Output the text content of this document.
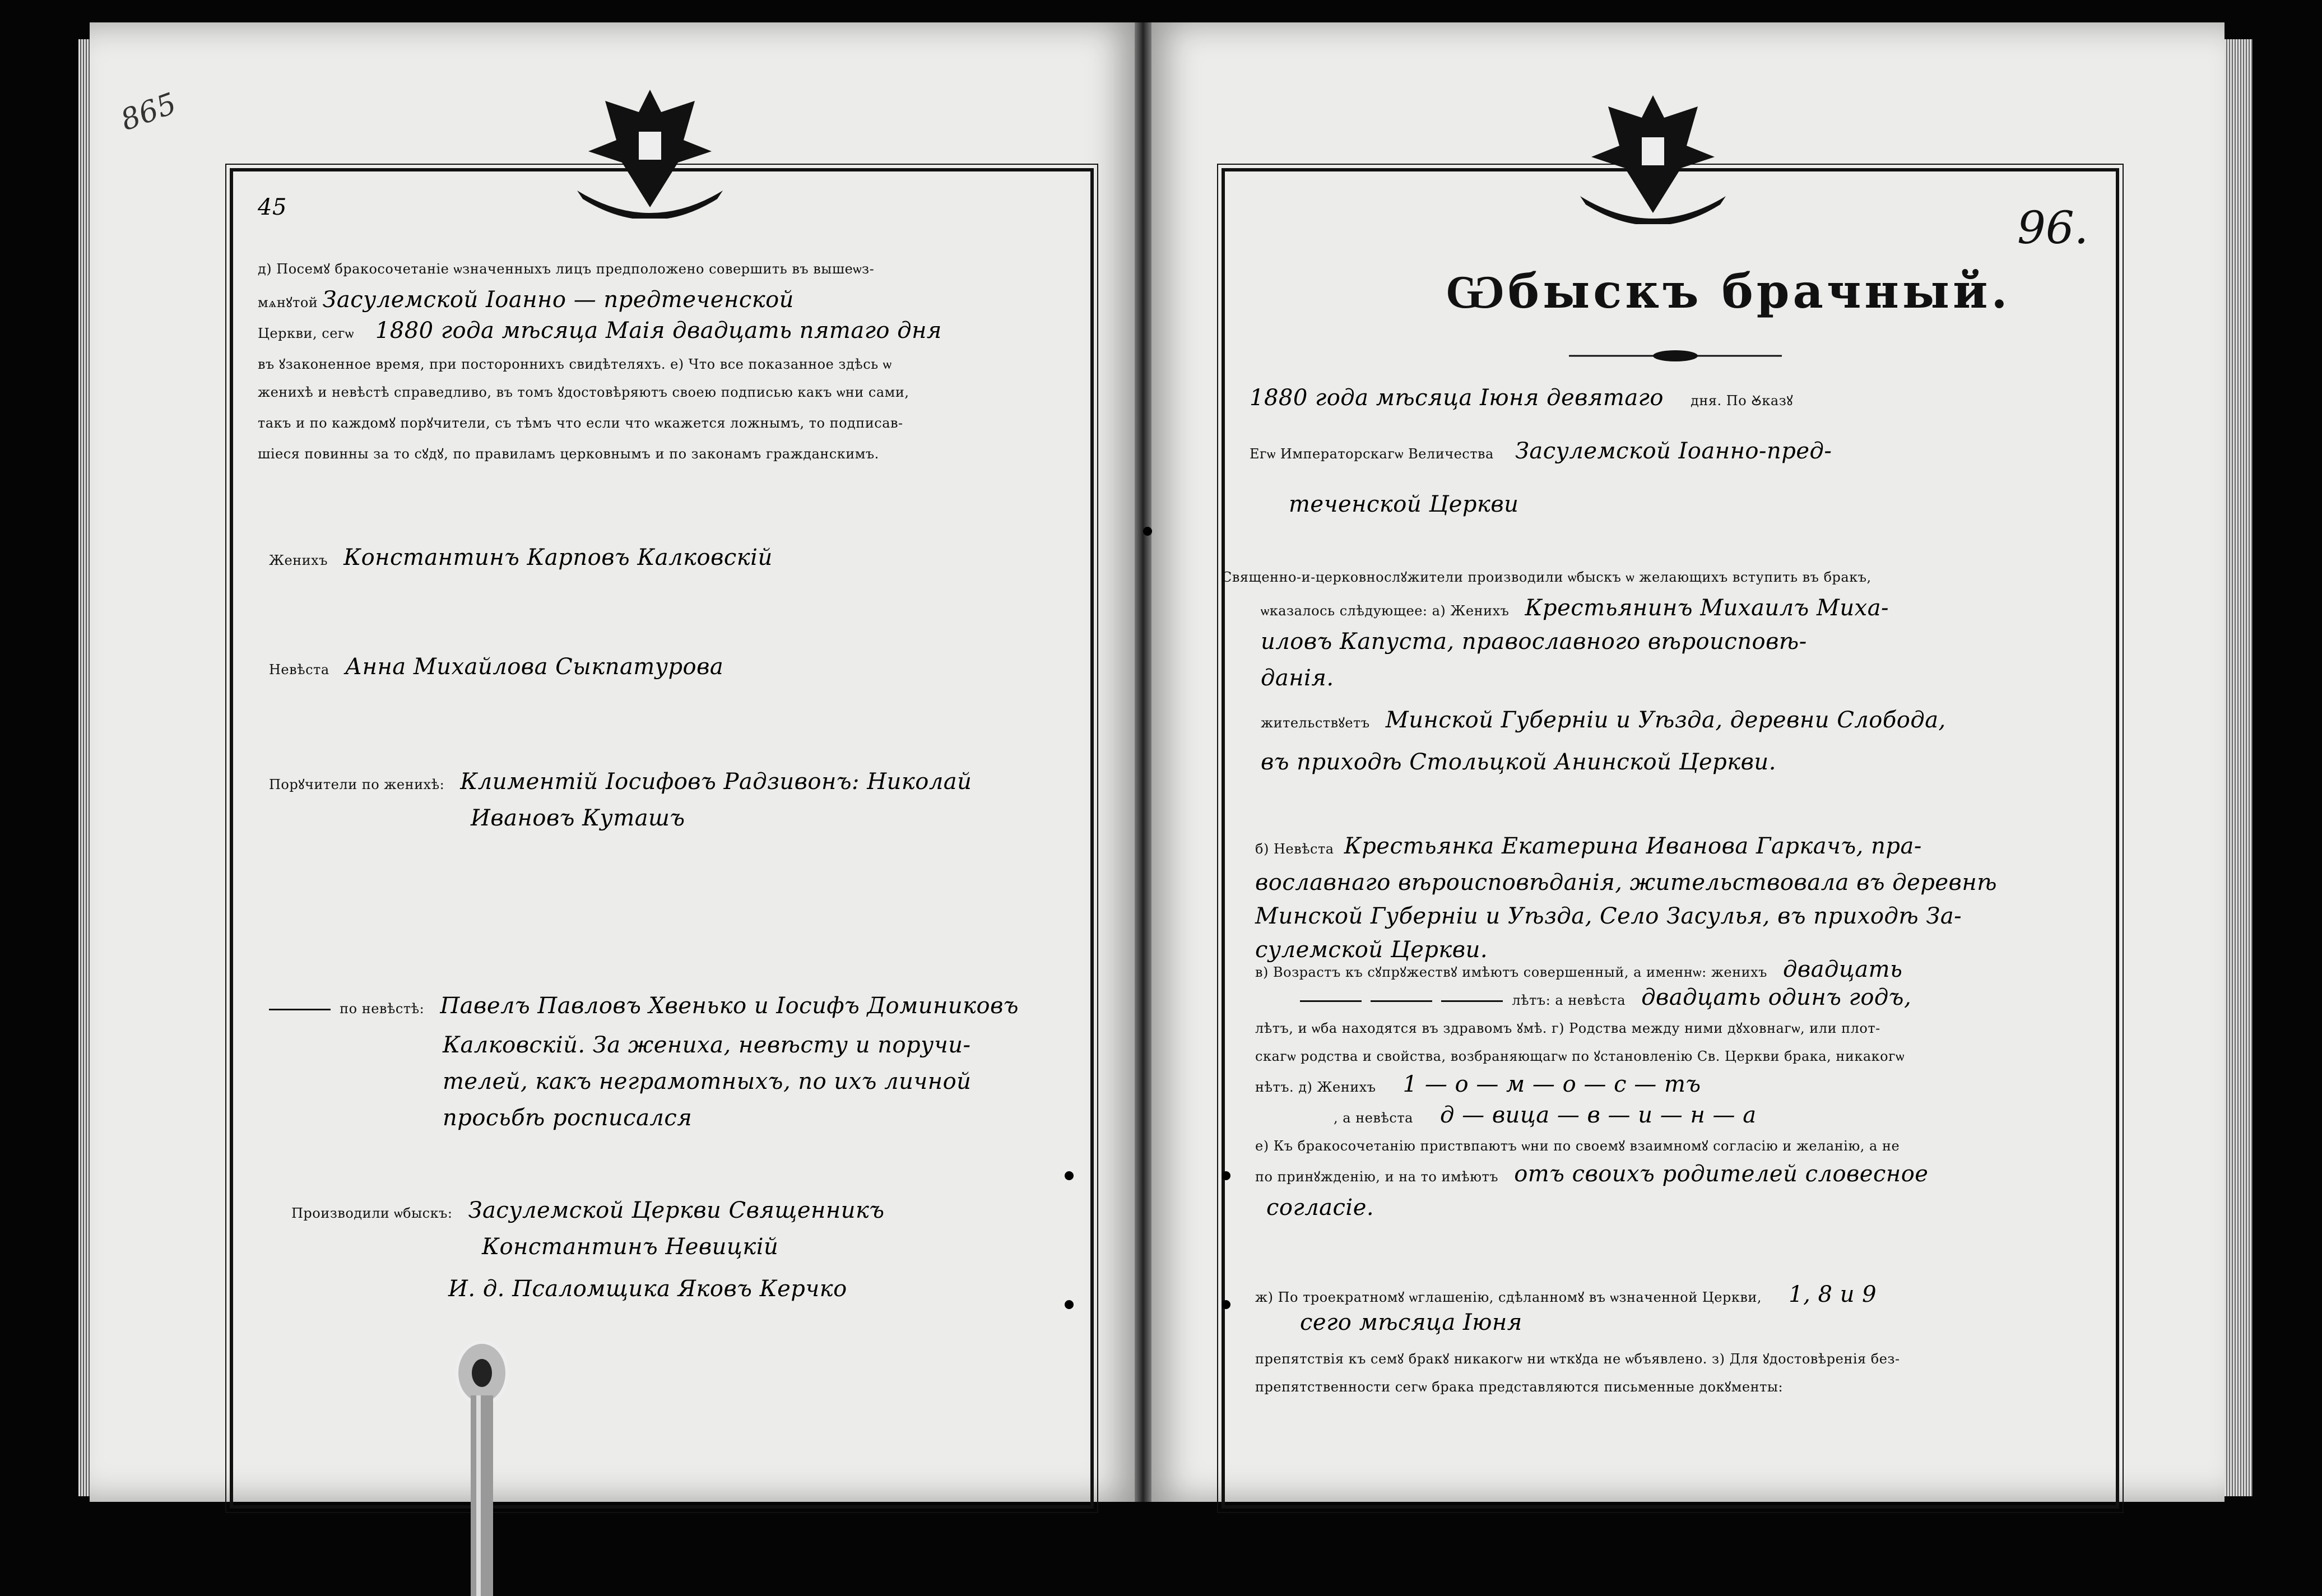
865
45
д) Посемꙋ бракосочетаніе ѡзначенныхъ лицъ предположено совершить въ вышеѡз-
мѧнꙋтой Засулемской Іоанно — предтеченской
Церкви, сегѡ 1880 года мѣсяца Маія двадцать пятаго дня
въ ꙋзаконенное время, при посторонниxъ свидѣтеляхъ. е) Что все показанное здѣсь ѡ
женихѣ и невѣстѣ справедливо, въ томъ ꙋдостовѣряютъ своею подписью какъ ѡни сами,
такъ и по каждомꙋ порꙋчители, съ тѣмъ что если что ѡкажется ложнымъ, то подписав-
шіеся повинны за то сꙋдꙋ, по правиламъ церковнымъ и по законамъ гражданскимъ.
Женихъ Константинъ Карповъ Калковскій
Невѣста Анна Михайлова Сыкпатурова
Порꙋчители по женихѣ: Климентій Іосифовъ Радзивонъ: Николай
Ивановъ Куташъ
по невѣстѣ: Павелъ Павловъ Хвенько и Іосифъ Доминиковъ
Калковскій. За жениха, невѣсту и поручи-
телей, какъ неграмотныхъ, по ихъ личной
просьбѣ росписался
Производили ѡбыскъ: Засулемской Церкви Священникъ
Константинъ Невицкій
И. д. Псаломщика Яковъ Керчко
96.
Ѡбыскъ брачный.
1880 года мѣсяца Іюня девятаго дня. По Ꙋказꙋ
Егѡ Императорскагѡ Величества Засулемской Іоанно-пред-
теченской Церкви
Священно-и-церковнослꙋжители производили ѡбыскъ ѡ желающихъ вступить въ бракъ,
ѡказалось слѣдующее: а) Женихъ Крестьянинъ Михаилъ Миха-
иловъ Капустa, православного вѣроисповѣ-
данія.
жительствꙋетъ Минской Губерніи и Уѣзда, деревни Слобода,
въ приходѣ Стольцкой Анинской Церкви.
б) Невѣста Крестьянка Екатерина Иванова Гаркачъ, пра-
вославнаго вѣроисповѣданія, жительствовала въ деревнѣ
Минской Губерніи и Уѣзда, Село Засулья, въ приходѣ За-
сулемской Церкви.
в) Возрастъ къ сꙋпрꙋжествꙋ имѣютъ совершенный, а именнѡ: женихъ двадцать
лѣтъ: а невѣста двадцать одинъ годъ,
лѣтъ, и ѡба находятся въ здравомъ ꙋмѣ. г) Родства между ними дꙋховнагѡ, или плот-
скагѡ родства и свойства, возбраняющагѡ по ꙋстановленію Св. Церкви брака, никакогѡ
нѣтъ. д) Женихъ 1 — о — м — о — с — тъ
, а невѣста д — вица — в — и — н — а
е) Къ бракосочетанію приствпаютъ ѡни по своемꙋ взаимномꙋ согласію и желанію, а не
по принꙋжденію, и на то имѣютъ отъ своихъ родителей словесное
согласіе.
ж) По троекратномꙋ ѡглашенію, сдѣланномꙋ въ ѡзначенной Церкви, 1, 8 и 9
сего мѣсяца Іюня
препятствія къ семꙋ бракꙋ никакогѡ ни ѡткꙋда не ѡбъявлено. з) Для ꙋдостовѣренія без-
препятственности сегѡ брака представляются письменные докꙋменты:
